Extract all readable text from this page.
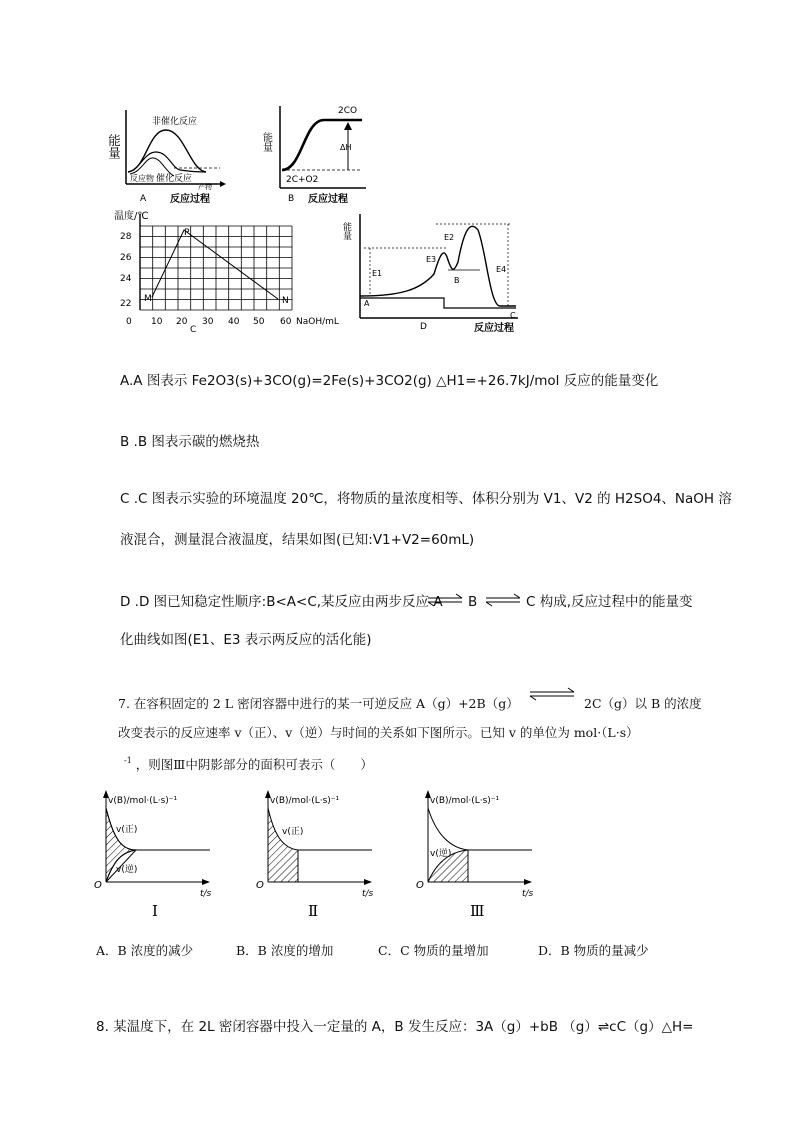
能量
非催化反应
反应物 催化反应
产物
A 反应过程
能量
2CO
ΔH
2C+O2
B 反应过程
温度/℃
M
P
N
28
26
24
22
0 10 20 30 40 50 60 NaOH/mL
C
能量
E1
E2
E3
E4
A
B
C
D	反应过程
A.A 图表示 Fe2O3(s)+3CO(g)=2Fe(s)+3CO2(g) △H1=+26.7kJ/mol 反应的能量变化
B .B 图表示碳的燃烧热
C .C 图表示实验的环境温度 20℃，将物质的量浓度相等、体积分别为 V1、V2 的 H2SO4、NaOH 溶
液混合，测量混合液温度，结果如图(已知:V1+V2=60mL)
D .D 图已知稳定性顺序:B<A<C,某反应由两步反应 A ⇌ B ⇌ C 构成,反应过程中的能量变
化曲线如图(E1、E3 表示两反应的活化能)
7. 在容积固定的 2 L 密闭容器中进行的某一可逆反应 A（g）+2B（g）	2C（g）以 B 的浓度
改变表示的反应速率 v（正）、v（逆）与时间的关系如下图所示。已知 v 的单位为 mol·（L·s）
$^{-1}$ ，则图Ⅲ中阴影部分的面积可表示（　　）
v(B)/mol·(L·s)⁻¹
v(正)
v(逆)
O
t/s
Ⅰ
v(B)/mol·(L·s)⁻¹
v(正)
O
t/s
Ⅱ
v(B)/mol·(L·s)⁻¹
v(逆)
O
t/s
Ⅲ
A．B 浓度的减少	B．B 浓度的增加	C．C 物质的量增加	D．B 物质的量减少
8. 某温度下，在 2L 密闭容器中投入一定量的 A，B 发生反应：3A（g）+bB （g）⇌cC（g）△H=
